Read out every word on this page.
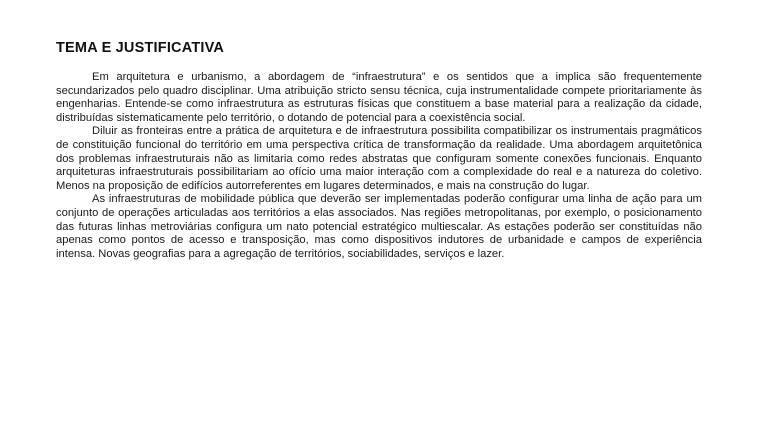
TEMA E JUSTIFICATIVA

Em arquitetura e urbanismo, a abordagem de “infraestrutura” e os sentidos que a implica são frequentemente secundarizados pelo quadro disciplinar. Uma atribuição stricto sensu técnica, cuja instrumentalidade compete prioritariamente às engenharias. Entende-se como infraestrutura as estruturas físicas que constituem a base material para a realização da cidade, distribuídas sistematicamente pelo território, o dotando de potencial para a coexistência social.

Diluir as fronteiras entre a prática de arquitetura e de infraestrutura possibilita compatibilizar os instrumentais pragmáticos de constituição funcional do território em uma perspectiva crítica de transformação da realidade. Uma abordagem arquitetônica dos problemas infraestruturais não as limitaria como redes abstratas que configuram somente conexões funcionais. Enquanto arquiteturas infraestruturais possibilitariam ao ofício uma maior interação com a complexidade do real e a natureza do coletivo. Menos na proposição de edifícios autorreferentes em lugares determinados, e mais na construção do lugar.

As infraestruturas de mobilidade pública que deverão ser implementadas poderão configurar uma linha de ação para um conjunto de operações articuladas aos territórios a elas associados. Nas regiões metropolitanas, por exemplo, o posicionamento das futuras linhas metroviárias configura um nato potencial estratégico multiescalar. As estações poderão ser constituídas não apenas como pontos de acesso e transposição, mas como dispositivos indutores de urbanidade e campos de experiência intensa. Novas geografias para a agregação de territórios, sociabilidades, serviços e lazer.
